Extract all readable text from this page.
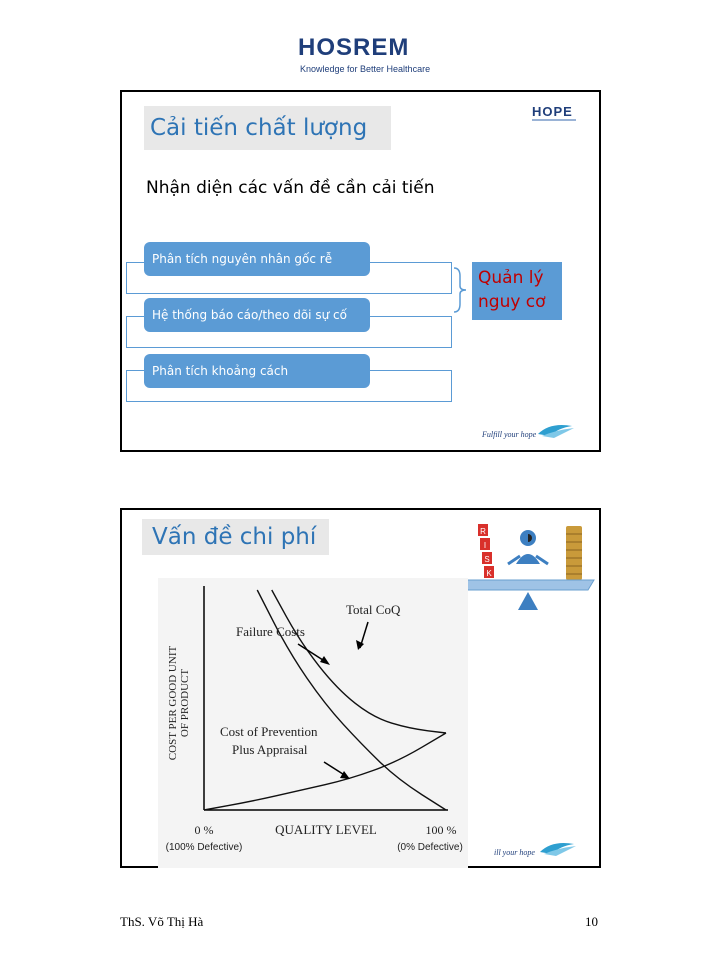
HOSREM
Knowledge for Better Healthcare
Cải tiến chất lượng
HOPE
Nhận diện các vấn đề cần cải tiến
Phân tích nguyên nhân gốc rễ
Hệ thống báo cáo/theo dõi sự cố
Phân tích khoảng cách
Quản lý
nguy cơ
Fulfill your hope
Vấn đề chi phí	R
I
S
K
COST PER GOOD UNIT OF PRODUCT
0 %
(100% Defective)
QUALITY LEVEL	100 %
(0% Defective)
Total CoQ
Failure Costs
Cost of Prevention
Plus Appraisal
ill your hope
ThS. Võ Thị Hà	10
